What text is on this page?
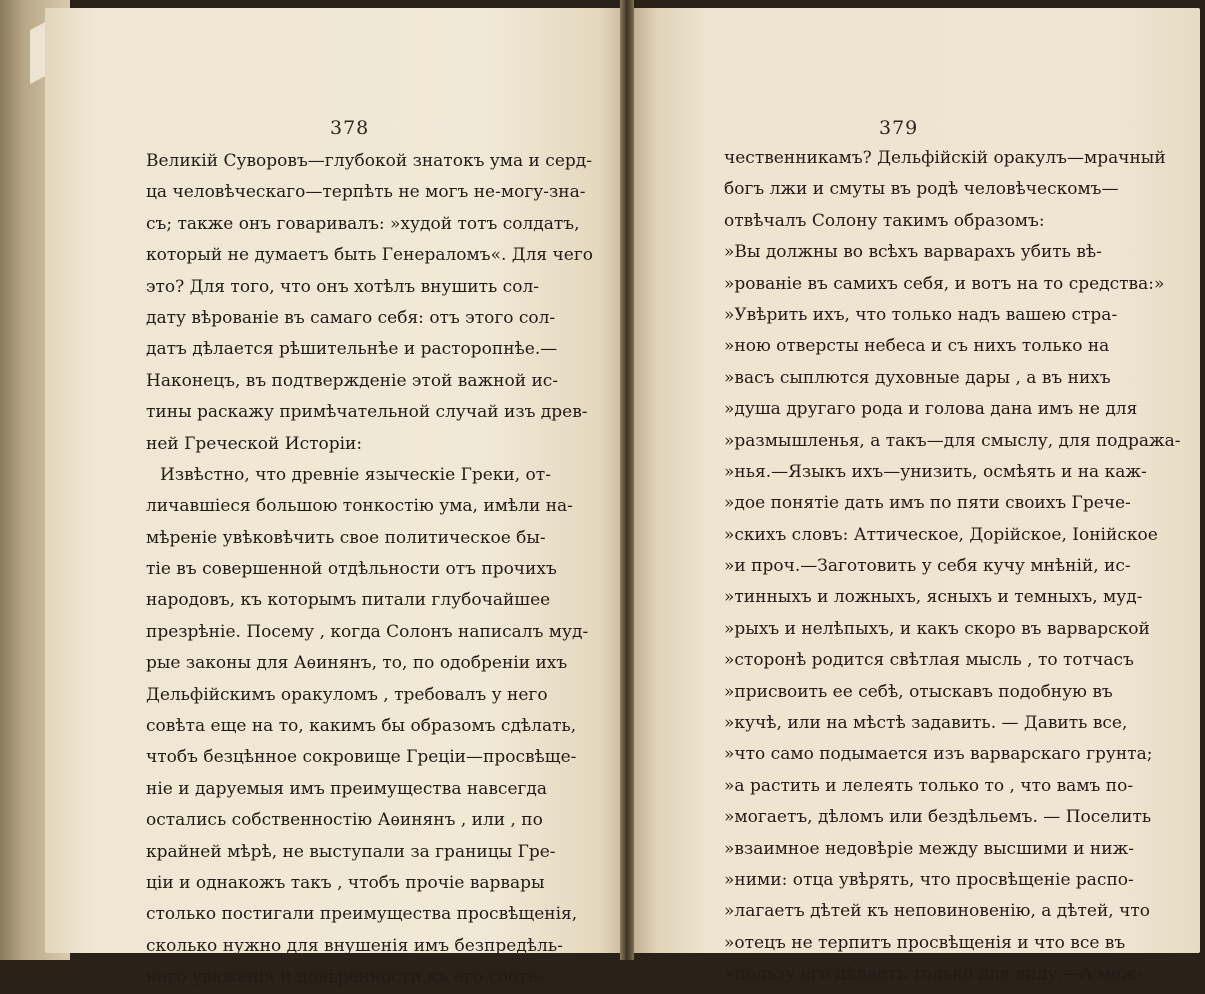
378	379
Великій Суворовъ—глубокой знатокъ ума и серд-
ца человѣческаго—терпѣть не могъ не-могу-зна-
съ; также онъ говаривалъ: »худой тотъ солдатъ,
который не думаетъ быть Генераломъ«. Для чего
это? Для того, что онъ хотѣлъ внушить сол-
дату вѣрованіе въ самаго себя: отъ этого сол-
датъ дѣлается рѣшительнѣе и расторопнѣе.—
Наконецъ, въ подтвержденіе этой важной ис-
тины раскажу примѣчательной случай изъ древ-
ней Греческой Исторіи:
Извѣстно, что древніе языческіе Греки, от-
личавшіеся большою тонкостію ума, имѣли на-
мѣреніе увѣковѣчить свое политическое бы-
тіе въ совершенной отдѣльности отъ прочихъ
народовъ, къ которымъ питали глубочайшее
презрѣніе. Посему , когда Солонъ написалъ муд-
рые законы для Аѳинянъ, то, по одобреніи ихъ
Дельфійскимъ оракуломъ , требовалъ у него
совѣта еще на то, какимъ бы образомъ сдѣлать,
чтобъ безцѣнное сокровище Греціи—просвѣще-
ніе и даруемыя имъ преимущества навсегда
остались собственностію Аѳинянъ , или , по
крайней мѣрѣ, не выступали за границы Гре-
ціи и однакожъ такъ , чтобъ прочіе варвары
столько постигали преимущества просвѣщенія,
сколько нужно для внушенія имъ безпредѣль-
наго уваженія и довѣренности къ его соотe-
чественникамъ? Дельфійскій оракулъ—мрачный
богъ лжи и смуты въ родѣ человѣческомъ—
отвѣчалъ Солону такимъ образомъ:
»Вы должны во всѣхъ варварахъ убить вѣ-
»рованіе въ самихъ себя, и вотъ на то средства:»
»Увѣрить ихъ, что только надъ вашею стра-
»ною отверсты небеса и съ нихъ только на
»васъ сыплются духовные дары , а въ нихъ
»душа другаго рода и голова дана имъ не для
»размышленья, а такъ—для смыслу, для подража-
»нья.—Языкъ ихъ—унизить, осмѣять и на каж-
»дое понятіе дать имъ по пяти своихъ Грече-
»скихъ словъ: Аттическое, Дорійское, Іонійское
»и проч.—Заготовить у себя кучу мнѣній, ис-
»тинныхъ и ложныхъ, ясныхъ и темныхъ, муд-
»рыхъ и нелѣпыхъ, и какъ скоро въ варварской
»сторонѣ родится свѣтлая мысль , то тотчасъ
»присвоить ее себѣ, отыскавъ подобную въ
»кучѣ, или на мѣстѣ задавить. — Давить все,
»что само подымается изъ варварскаго грунта;
»а растить и лелеять только то , что вамъ по-
»могаетъ, дѣломъ или бездѣльемъ. — Поселить
»взаимное недовѣріе между высшими и ниж-
»ними: отца увѣрять, что просвѣщеніе распо-
»лагаетъ дѣтей къ неповиновенію, а дѣтей, что
»отецъ не терпитъ просвѣщенія и что все въ
»пользу его дѣлаетъ только для виду.—А меж-
